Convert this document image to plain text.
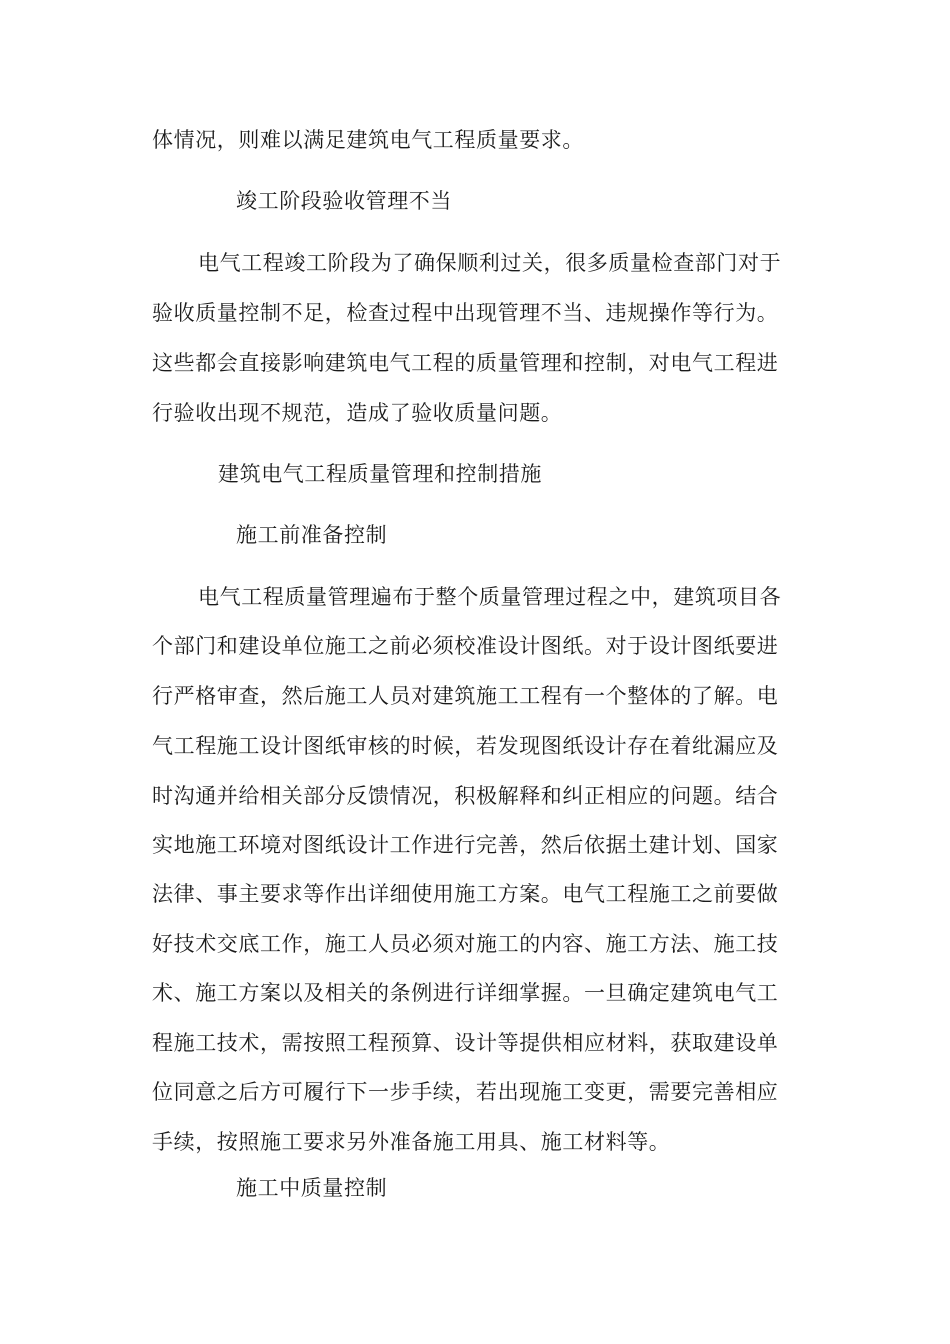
体情况，则难以满足建筑电气工程质量要求。
竣工阶段验收管理不当
电气工程竣工阶段为了确保顺利过关，很多质量检查部门对于
验收质量控制不足，检查过程中出现管理不当、违规操作等行为。
这些都会直接影响建筑电气工程的质量管理和控制，对电气工程进
行验收出现不规范，造成了验收质量问题。
建筑电气工程质量管理和控制措施
施工前准备控制
电气工程质量管理遍布于整个质量管理过程之中，建筑项目各
个部门和建设单位施工之前必须校准设计图纸。对于设计图纸要进
行严格审查，然后施工人员对建筑施工工程有一个整体的了解。电
气工程施工设计图纸审核的时候，若发现图纸设计存在着纰漏应及
时沟通并给相关部分反馈情况，积极解释和纠正相应的问题。结合
实地施工环境对图纸设计工作进行完善，然后依据土建计划、国家
法律、事主要求等作出详细使用施工方案。电气工程施工之前要做
好技术交底工作，施工人员必须对施工的内容、施工方法、施工技
术、施工方案以及相关的条例进行详细掌握。一旦确定建筑电气工
程施工技术，需按照工程预算、设计等提供相应材料，获取建设单
位同意之后方可履行下一步手续，若出现施工变更，需要完善相应
手续，按照施工要求另外准备施工用具、施工材料等。
施工中质量控制
